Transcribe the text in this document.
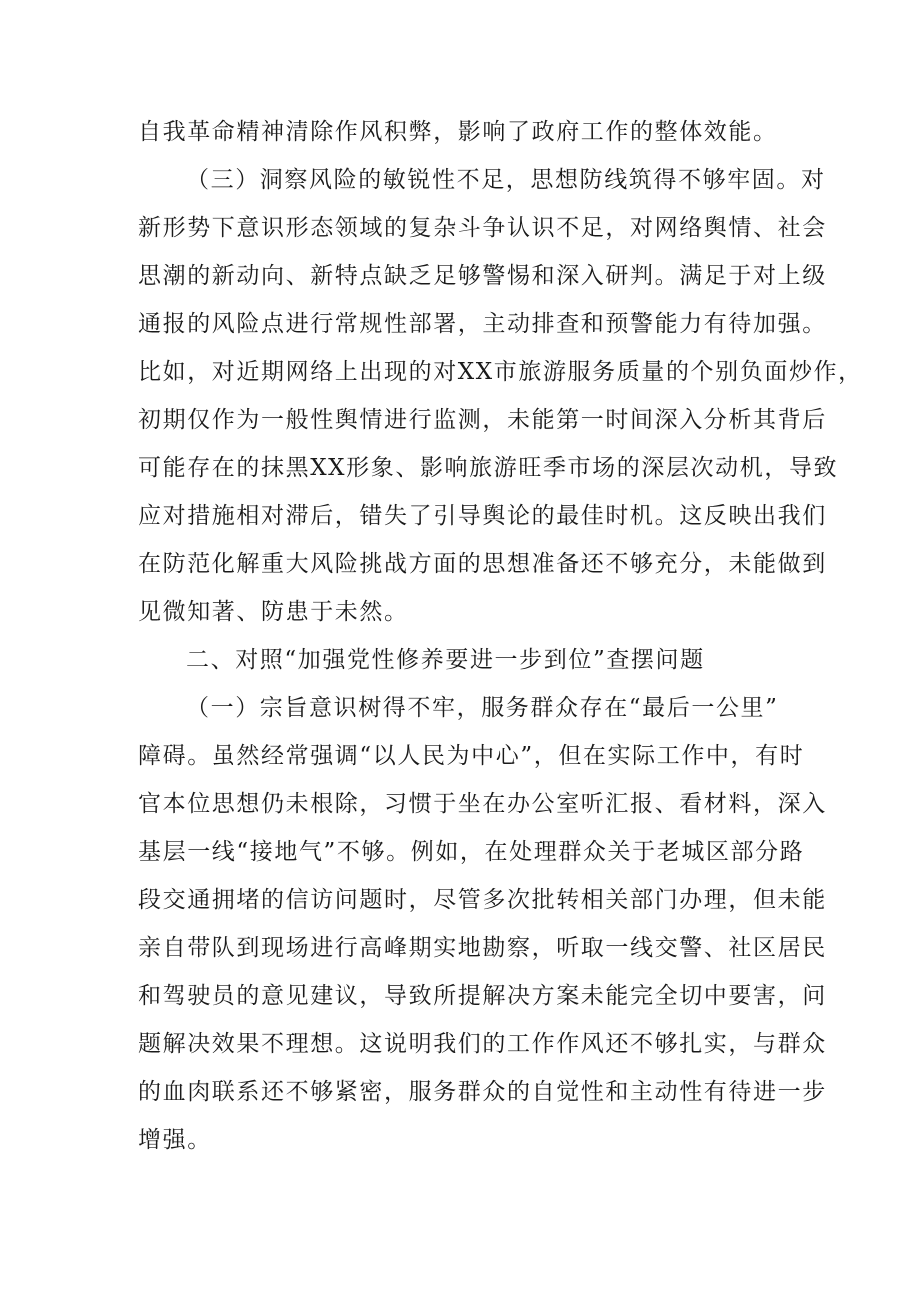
自我革命精神清除作风积弊，影响了政府工作的整体效能。
（三）洞察风险的敏锐性不足，思想防线筑得不够牢固。对
新形势下意识形态领域的复杂斗争认识不足，对网络舆情、社会
思潮的新动向、新特点缺乏足够警惕和深入研判。满足于对上级
通报的风险点进行常规性部署，主动排查和预警能力有待加强。
比如，对近期网络上出现的对XX市旅游服务质量的个别负面炒作，
初期仅作为一般性舆情进行监测，未能第一时间深入分析其背后
可能存在的抹黑XX形象、影响旅游旺季市场的深层次动机，导致
应对措施相对滞后，错失了引导舆论的最佳时机。这反映出我们
在防范化解重大风险挑战方面的思想准备还不够充分，未能做到
见微知著、防患于未然。
二、对照“加强党性修养要进一步到位”查摆问题
（一）宗旨意识树得不牢，服务群众存在“最后一公里”
障碍。虽然经常强调“以人民为中心”，但在实际工作中，有时
官本位思想仍未根除，习惯于坐在办公室听汇报、看材料，深入
基层一线“接地气”不够。例如，在处理群众关于老城区部分路
段交通拥堵的信访问题时，尽管多次批转相关部门办理，但未能
亲自带队到现场进行高峰期实地勘察，听取一线交警、社区居民
和驾驶员的意见建议，导致所提解决方案未能完全切中要害，问
题解决效果不理想。这说明我们的工作作风还不够扎实，与群众
的血肉联系还不够紧密，服务群众的自觉性和主动性有待进一步
增强。
